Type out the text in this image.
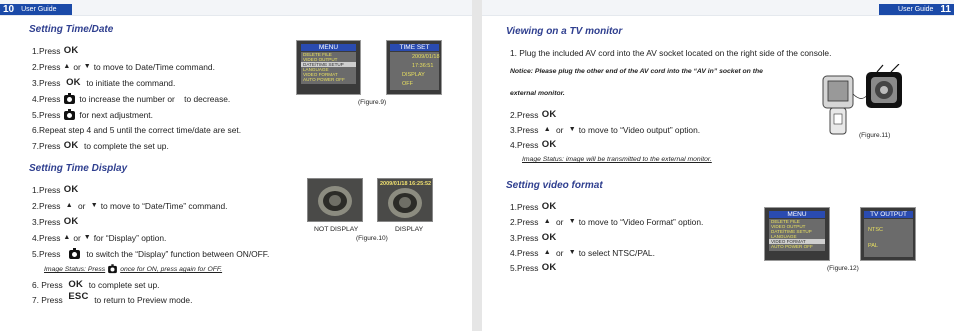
10	User Guide
Setting Time/Date
1.Press
OK
2.Press ▲ or ▼ to move to Date/Time command.
3.Press
OK
to initiate the command.
4.Press to increase the number or
to decrease.
5.Press for next adjustment.
6.Repeat step 4 and 5 until the correct time/date are set.
7.Press
OK
to complete the set up.
MENU
DELETE FILE
VIDEO OUTPUT
DATE/TIME SETUP
LANGUAGE
VIDEO FORMAT
AUTO POWER OFF
TIME SET
2009/01/18
17:36:51
DISPLAY
OFF
(Figure.9)
Setting Time Display
1.Press
OK
2.Press
▲
or
▼ to move to “Date/Time” command.
3.Press
OK
4.Press ▲ or ▼ for “Display” option.
5.Press

	to switch the “Display” function between ON/OFF.
Image Status: Press once for ON, press again for OFF.
6. Press
OK
to complete set up.
7. Press
ESC
to return to Preview mode.
2009/01/18 16:25:52
NOT DISPLAY	DISPLAY
(Figure.10)
User Guide 11
Viewing on a TV monitor
1. Plug the included AV cord into the AV socket located on the right side of the console.
Notice: Please plug the other end of the AV cord into the “AV in” socket on the
external monitor.
2.Press
OK
3.Press
▲
or
▼ to move to “Video output” option.
4.Press
OK
Image Status: image will be transmitted to the external monitor.
(Figure.11)
Setting video format
1.Press
OK
2.Press
▲
or
▼ to move to “Video Format” option.
3.Press
OK
4.Press
▲
or
▼ to select NTSC/PAL.
5.Press
OK
MENU
DELETE FILE
VIDEO OUTPUT
DATE/TIME SETUP
LANGUAGE
VIDEO FORMAT
AUTO POWER OFF
TV OUTPUT
NTSC
PAL
(Figure.12)
